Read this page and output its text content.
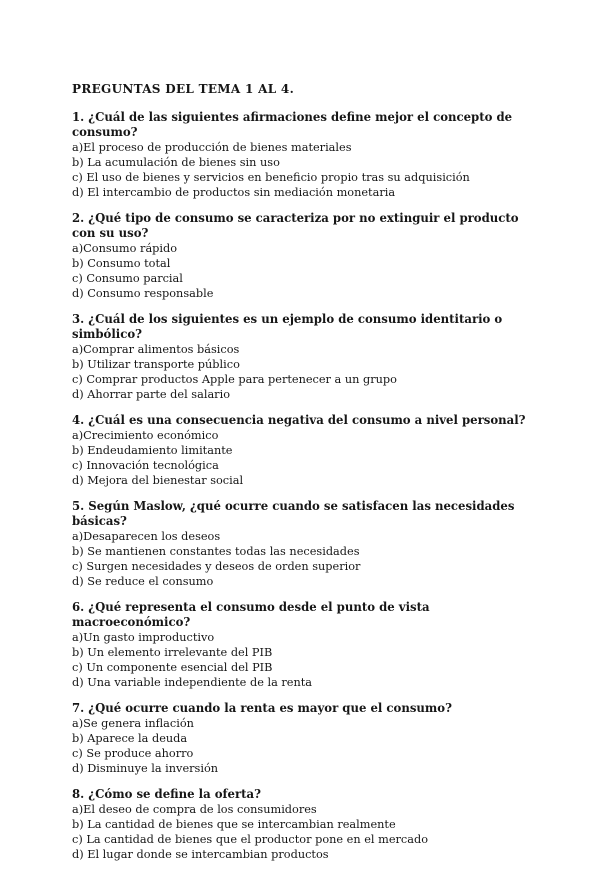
PREGUNTAS DEL TEMA 1 AL 4.

1. ¿Cuál de las siguientes afirmaciones define mejor el concepto de consumo?

a)El proceso de producción de bienes materiales

b) La acumulación de bienes sin uso

c) El uso de bienes y servicios en beneficio propio tras su adquisición

d) El intercambio de productos sin mediación monetaria

2. ¿Qué tipo de consumo se caracteriza por no extinguir el producto con su uso?

a)Consumo rápido

b) Consumo total

c) Consumo parcial

d) Consumo responsable

3. ¿Cuál de los siguientes es un ejemplo de consumo identitario o simbólico?

a)Comprar alimentos básicos

b) Utilizar transporte público

c) Comprar productos Apple para pertenecer a un grupo

d) Ahorrar parte del salario

4. ¿Cuál es una consecuencia negativa del consumo a nivel personal?

a)Crecimiento económico

b) Endeudamiento limitante

c) Innovación tecnológica

d) Mejora del bienestar social

5. Según Maslow, ¿qué ocurre cuando se satisfacen las necesidades básicas?

a)Desaparecen los deseos

b) Se mantienen constantes todas las necesidades

c) Surgen necesidades y deseos de orden superior

d) Se reduce el consumo

6. ¿Qué representa el consumo desde el punto de vista macroeconómico?

a)Un gasto improductivo

b) Un elemento irrelevante del PIB

c) Un componente esencial del PIB

d) Una variable independiente de la renta

7. ¿Qué ocurre cuando la renta es mayor que el consumo?

a)Se genera inflación

b) Aparece la deuda

c) Se produce ahorro

d) Disminuye la inversión

8. ¿Cómo se define la oferta?

a)El deseo de compra de los consumidores

b) La cantidad de bienes que se intercambian realmente

c) La cantidad de bienes que el productor pone en el mercado

d) El lugar donde se intercambian productos
